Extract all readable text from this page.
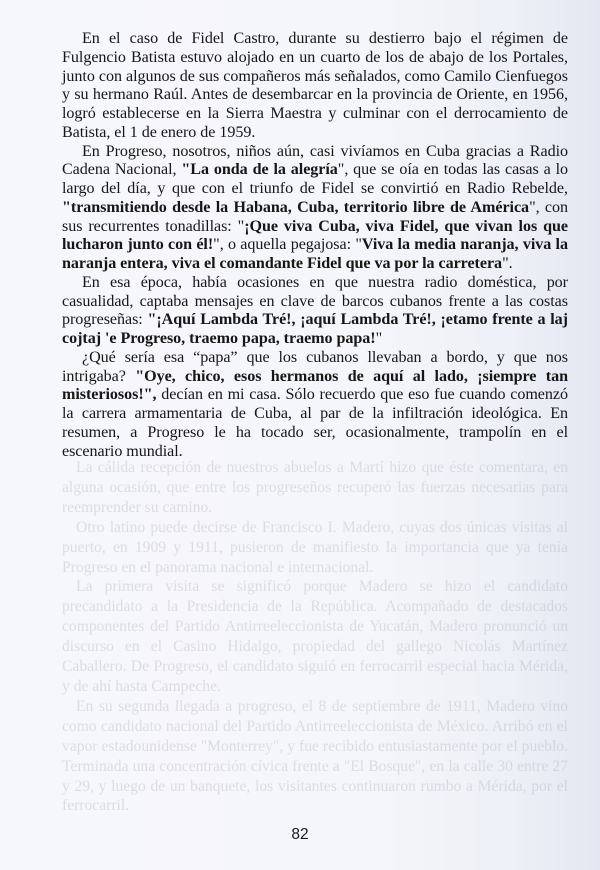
La cálida recepción de nuestros abuelos a Martí hizo que éste comentara, en alguna ocasión, que entre los progreseños recuperó las fuerzas necesarias para reemprender su camino.

Otro latino puede decirse de Francisco I. Madero, cuyas dos únicas visitas al puerto, en 1909 y 1911, pusieron de manifiesto la importancia que ya tenía Progreso en el panorama nacional e internacional.

La primera visita se significó porque Madero se hizo el candidato precandidato a la Presidencia de la República. Acompañado de destacados componentes del Partido Antirreeleccionista de Yucatán, Madero pronunció un discurso en el Casino Hidalgo, propiedad del gallego Nicolás Martínez Caballero. De Progreso, el candidato siguió en ferrocarril especial hacia Mérida, y de ahí hasta Campeche.

En su segunda llegada a progreso, el 8 de septiembre de 1911, Madero vino como candidato nacional del Partido Antirreeleccionista de México. Arribó en el vapor estadounidense "Monterrey", y fue recibido entusiastamente por el pueblo. Terminada una concentración cívica frente a "El Bosque", en la calle 30 entre 27 y 29, y luego de un banquete, los visitantes continuaron rumbo a Mérida, por el ferrocarril.

En el caso de Fidel Castro, durante su destierro bajo el régimen de Fulgencio Batista estuvo alojado en un cuarto de los de abajo de los Portales, junto con algunos de sus compañeros más señalados, como Camilo Cienfuegos y su hermano Raúl. Antes de desembarcar en la provincia de Oriente, en 1956, logró establecerse en la Sierra Maestra y culminar con el derrocamiento de Batista, el 1 de enero de 1959.

En Progreso, nosotros, niños aún, casi vivíamos en Cuba gracias a Radio Cadena Nacional, "La onda de la alegría", que se oía en todas las casas a lo largo del día, y que con el triunfo de Fidel se convirtió en Radio Rebelde, "transmitiendo desde la Habana, Cuba, territorio libre de América", con sus recurrentes tonadillas: "¡Que viva Cuba, viva Fidel, que vivan los que lucharon junto con él!", o aquella pegajosa: "Viva la media naranja, viva la naranja entera, viva el comandante Fidel que va por la carretera".

En esa época, había ocasiones en que nuestra radio doméstica, por casualidad, captaba mensajes en clave de barcos cubanos frente a las costas progreseñas: "¡Aquí Lambda Tré!, ¡aquí Lambda Tré!, ¡etamo frente a laj cojtaj 'e Progreso, traemo papa, traemo papa!"

¿Qué sería esa “papa” que los cubanos llevaban a bordo, y que nos intrigaba? "Oye, chico, esos hermanos de aquí al lado, ¡siempre tan misteriosos!", decían en mi casa. Sólo recuerdo que eso fue cuando comenzó la carrera armamentaria de Cuba, al par de la infiltración ideológica. En resumen, a Progreso le ha tocado ser, ocasionalmente, trampolín en el escenario mundial.

82
